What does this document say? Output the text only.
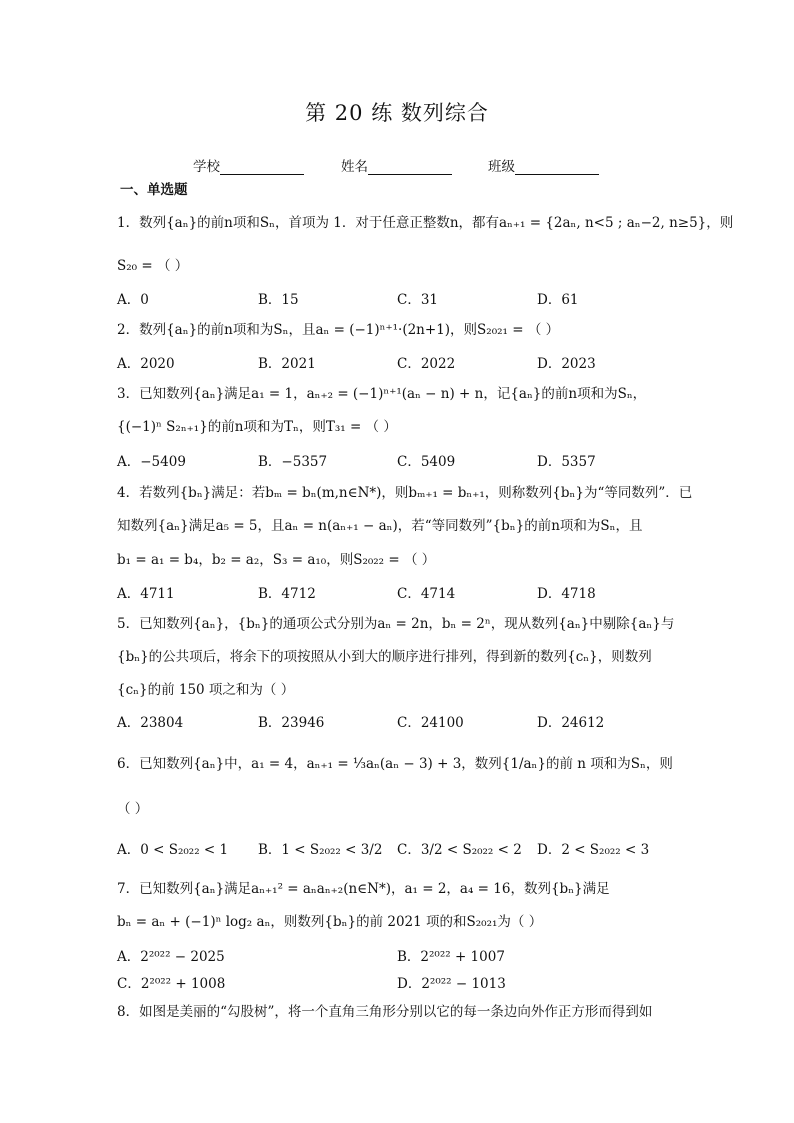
第 20 练 数列综合
学校	姓名	班级
一、单选题
1．数列{aₙ}的前n项和Sₙ，首项为 1．对于任意正整数n，都有aₙ₊₁ = {2aₙ, n<5 ; aₙ−2, n≥5}，则
S₂₀ = （ ）
A．0	B．15	C．31	D．61
2．数列{aₙ}的前n项和为Sₙ，且aₙ = (−1)ⁿ⁺¹·(2n+1)，则S₂₀₂₁ = （ ）
A．2020	B．2021	C．2022	D．2023
3．已知数列{aₙ}满足a₁ = 1，aₙ₊₂ = (−1)ⁿ⁺¹(aₙ − n) + n，记{aₙ}的前n项和为Sₙ，
{(−1)ⁿ S₂ₙ₊₁}的前n项和为Tₙ，则T₃₁ = （ ）
A．−5409	B．−5357	C．5409	D．5357
4．若数列{bₙ}满足：若bₘ = bₙ(m,n∈N*)，则bₘ₊₁ = bₙ₊₁，则称数列{bₙ}为“等同数列”．已
知数列{aₙ}满足a₅ = 5，且aₙ = n(aₙ₊₁ − aₙ)，若“等同数列”{bₙ}的前n项和为Sₙ，且
b₁ = a₁ = b₄，b₂ = a₂，S₃ = a₁₀，则S₂₀₂₂ = （ ）
A．4711	B．4712	C．4714	D．4718
5．已知数列{aₙ}，{bₙ}的通项公式分别为aₙ = 2n，bₙ = 2ⁿ，现从数列{aₙ}中剔除{aₙ}与
{bₙ}的公共项后，将余下的项按照从小到大的顺序进行排列，得到新的数列{cₙ}，则数列
{cₙ}的前 150 项之和为（ ）
A．23804	B．23946	C．24100	D．24612
6．已知数列{aₙ}中，a₁ = 4，aₙ₊₁ = ⅓aₙ(aₙ − 3) + 3，数列{1/aₙ}的前 n 项和为Sₙ，则
（ ）
A．0 < S₂₀₂₂ < 1 B．1 < S₂₀₂₂ < 3/2 C．3/2 < S₂₀₂₂ < 2 D．2 < S₂₀₂₂ < 3
7．已知数列{aₙ}满足aₙ₊₁² = aₙaₙ₊₂(n∈N*)，a₁ = 2，a₄ = 16，数列{bₙ}满足
bₙ = aₙ + (−1)ⁿ log₂ aₙ，则数列{bₙ}的前 2021 项的和S₂₀₂₁为（ ）
A．2²⁰²² − 2025	B．2²⁰²² + 1007
C．2²⁰²² + 1008	D．2²⁰²² − 1013
8．如图是美丽的“勾股树”，将一个直角三角形分别以它的每一条边向外作正方形而得到如
